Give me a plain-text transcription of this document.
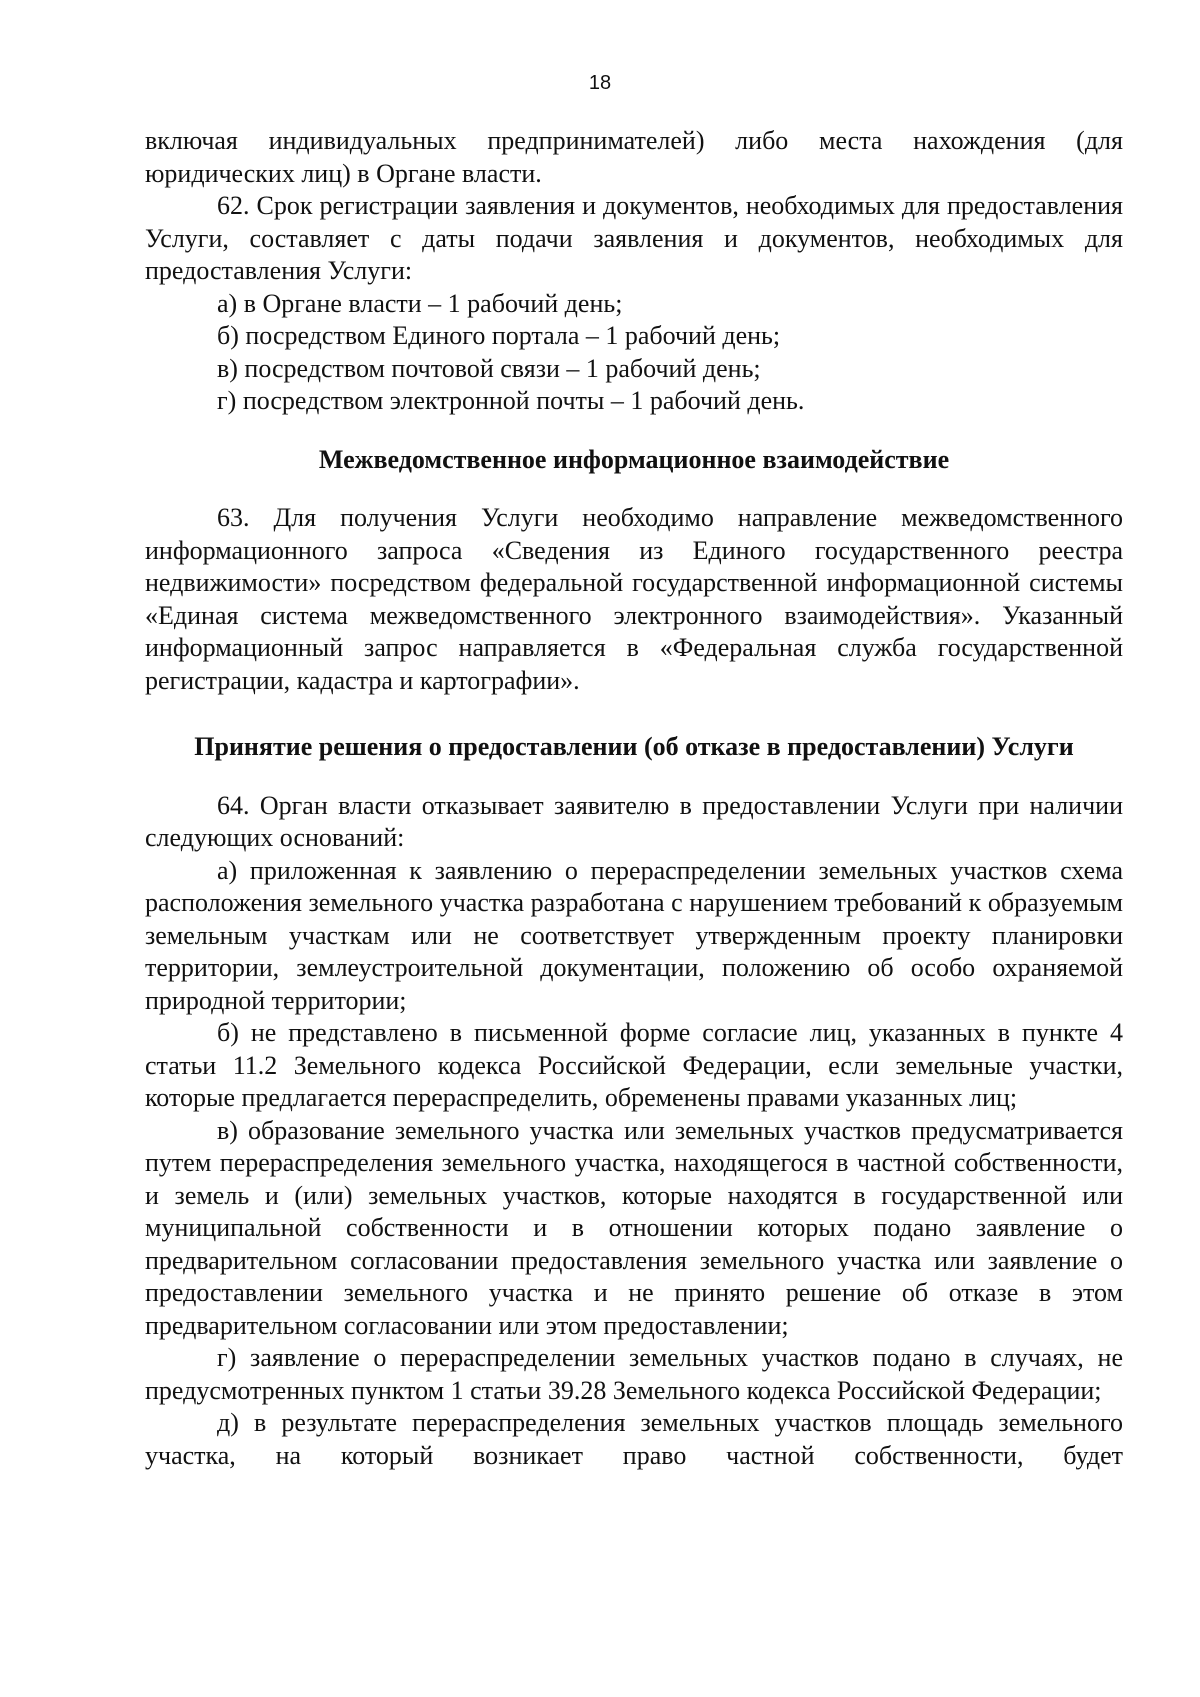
18

включая индивидуальных предпринимателей) либо места нахождения (для юридических лиц) в Органе власти.

62. Срок регистрации заявления и документов, необходимых для предоставления Услуги, составляет с даты подачи заявления и документов, необходимых для предоставления Услуги:

а) в Органе власти – 1 рабочий день;

б) посредством Единого портала – 1 рабочий день;

в) посредством почтовой связи – 1 рабочий день;

г) посредством электронной почты – 1 рабочий день.

Межведомственное информационное взаимодействие

63. Для получения Услуги необходимо направление межведомственного информационного запроса «Сведения из Единого государственного реестра недвижимости» посредством федеральной государственной информационной системы «Единая система межведомственного электронного взаимодействия». Указанный информационный запрос направляется в «Федеральная служба государственной регистрации, кадастра и картографии».

Принятие решения о предоставлении (об отказе в предоставлении) Услуги

64. Орган власти отказывает заявителю в предоставлении Услуги при наличии следующих оснований:

а) приложенная к заявлению о перераспределении земельных участков схема расположения земельного участка разработана с нарушением требований к образуемым земельным участкам или не соответствует утвержденным проекту планировки территории, землеустроительной документации, положению об особо охраняемой природной территории;

б) не представлено в письменной форме согласие лиц, указанных в пункте 4 статьи 11.2 Земельного кодекса Российской Федерации, если земельные участки, которые предлагается перераспределить, обременены правами указанных лиц;

в) образование земельного участка или земельных участков предусматривается путем перераспределения земельного участка, находящегося в частной собственности, и земель и (или) земельных участков, которые находятся в государственной или муниципальной собственности и в отношении которых подано заявление о предварительном согласовании предоставления земельного участка или заявление о предоставлении земельного участка и не принято решение об отказе в этом предварительном согласовании или этом предоставлении;

г) заявление о перераспределении земельных участков подано в случаях, не предусмотренных пунктом 1 статьи 39.28 Земельного кодекса Российской Федерации;

д) в результате перераспределения земельных участков площадь земельного участка, на который возникает право частной собственности, будет
